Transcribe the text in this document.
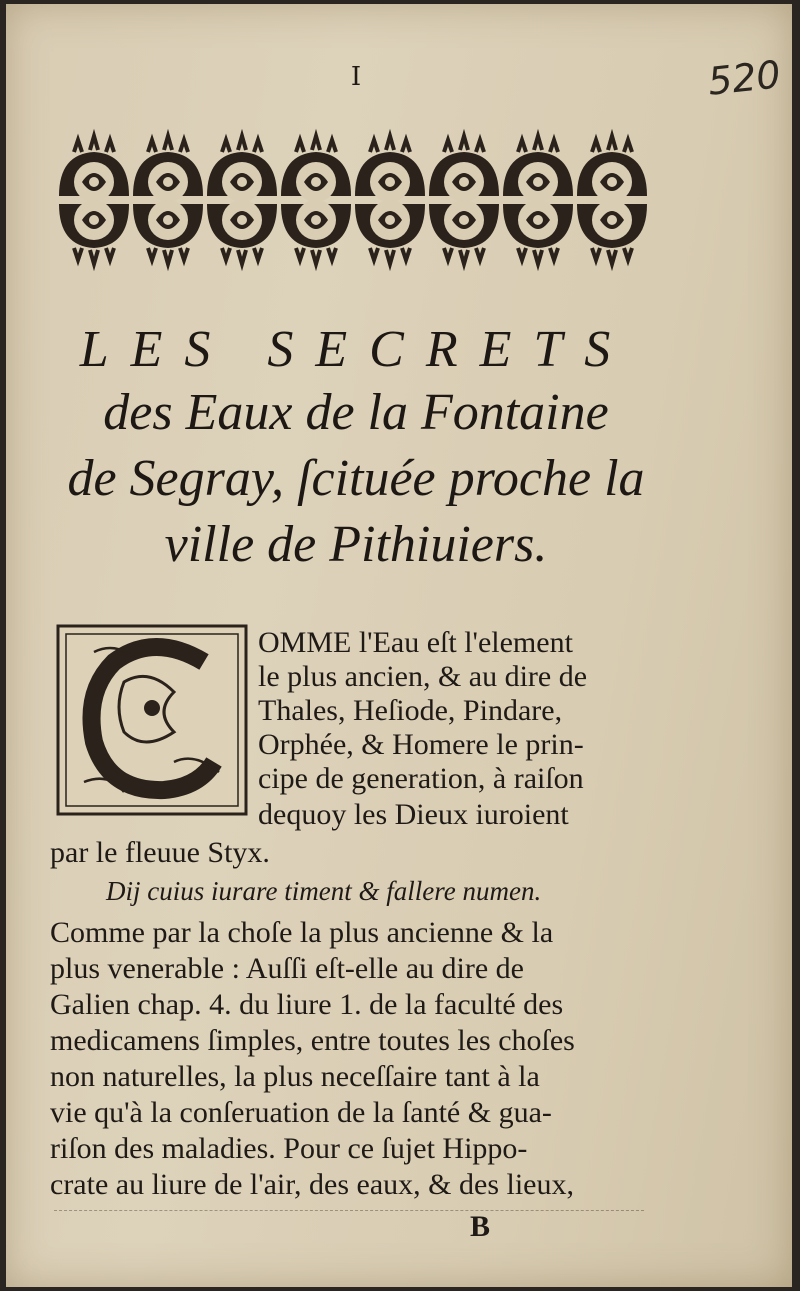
I	520
LES SECRETS
des Eaux de la Fontaine
de Segray, ſcituée proche la
ville de Pithiuiers.
OMME l'Eau eſt l'element
le plus ancien, & au dire de
Thales, Heſiode, Pindare,
Orphée, & Homere le prin-
cipe de generation, à raiſon
dequoy les Dieux iuroient
par le fleuue Styx.
Dij cuius iurare timent & fallere numen.
Comme par la choſe la plus ancienne & la
plus venerable : Auſſi eſt-elle au dire de
Galien chap. 4. du liure 1. de la faculté des
medicamens ſimples, entre toutes les choſes
non naturelles, la plus neceſſaire tant à la
vie qu'à la conſeruation de la ſanté & gua-
riſon des maladies. Pour ce ſujet Hippo-
crate au liure de l'air, des eaux, & des lieux,
B
